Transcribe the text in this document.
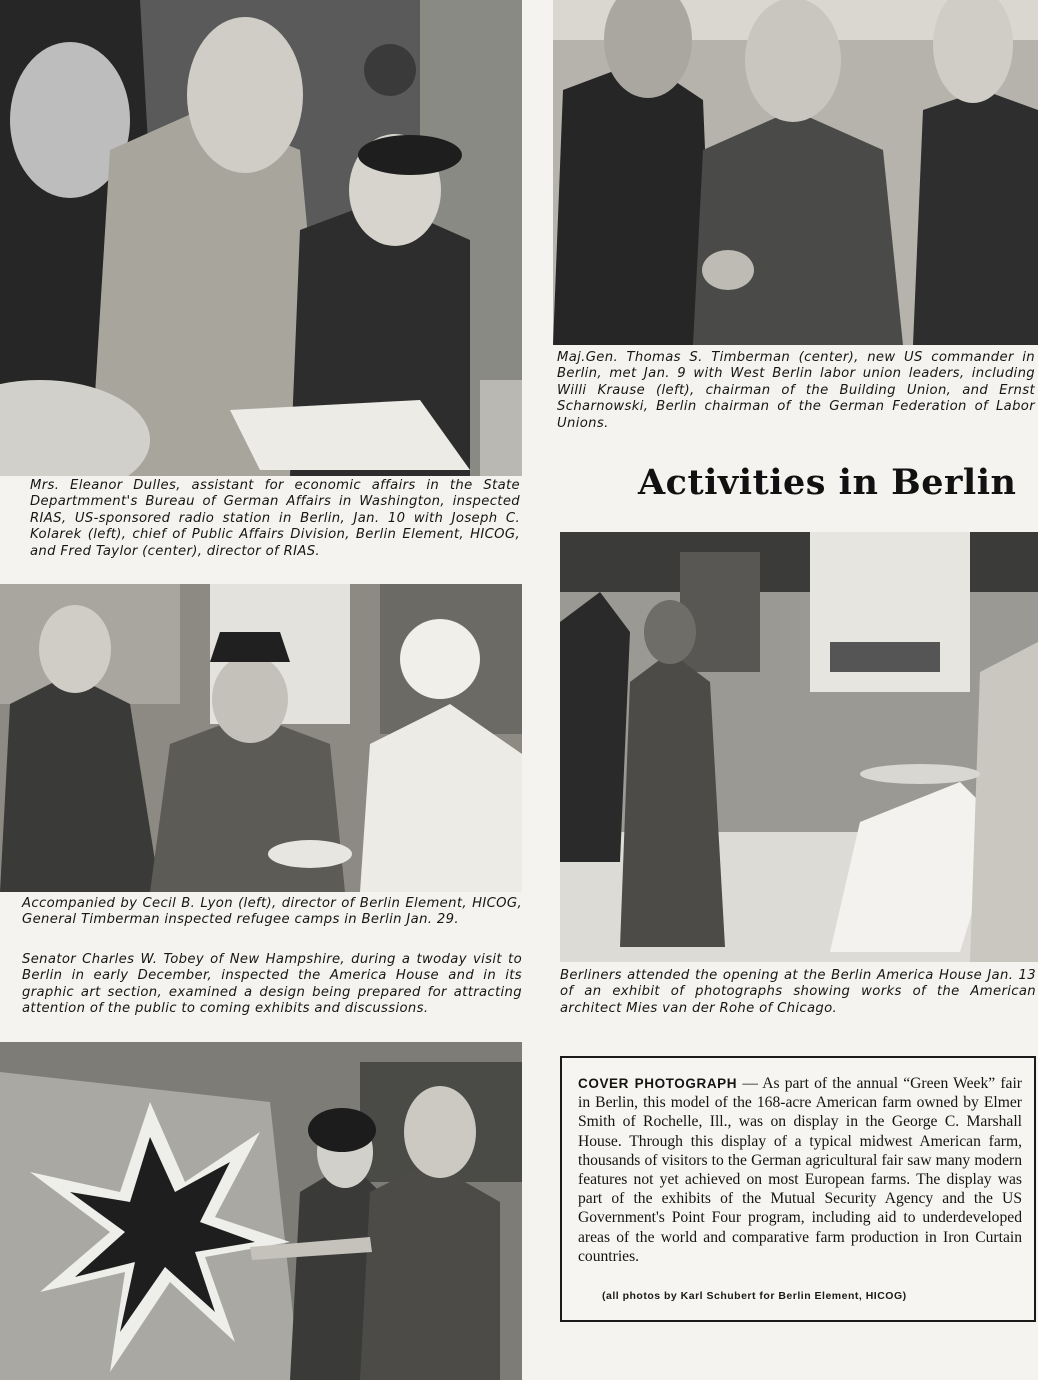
Mrs. Eleanor Dulles, assistant for economic affairs in the State Departmment's Bureau of German Affairs in Washington, inspected RIAS, US-sponsored radio station in Berlin, Jan. 10 with Joseph C. Kolarek (left), chief of Public Affairs Division, Berlin Element, HICOG, and Fred Taylor (center), director of RIAS.

Maj.Gen. Thomas S. Timberman (center), new US commander in Berlin, met Jan. 9 with West Berlin labor union leaders, including Willi Krause (left), chairman of the Building Union, and Ernst Scharnowski, Berlin chairman of the German Federation of Labor Unions.

Activities in Berlin

Accompanied by Cecil B. Lyon (left), director of Berlin Element, HICOG, General Timberman inspected refugee camps in Berlin Jan. 29.

Senator Charles W. Tobey of New Hampshire, during a twoday visit to Berlin in early December, inspected the America House and in its graphic art section, examined a design being prepared for attracting attention of the public to coming exhibits and discussions.

Berliners attended the opening at the Berlin America House Jan. 13 of an exhibit of photographs showing works of the American architect Mies van der Rohe of Chicago.

COVER PHOTOGRAPH — As part of the annual “Green Week” fair in Berlin, this model of the 168-acre American farm owned by Elmer Smith of Rochelle, Ill., was on display in the George C. Marshall House. Through this display of a typical midwest American farm, thousands of visitors to the German agricultural fair saw many modern features not yet achieved on most European farms. The display was part of the exhibits of the Mutual Security Agency and the US Government's Point Four program, including aid to underdeveloped areas of the world and comparative farm production in Iron Curtain countries.

(all photos by Karl Schubert for Berlin Element, HICOG)
